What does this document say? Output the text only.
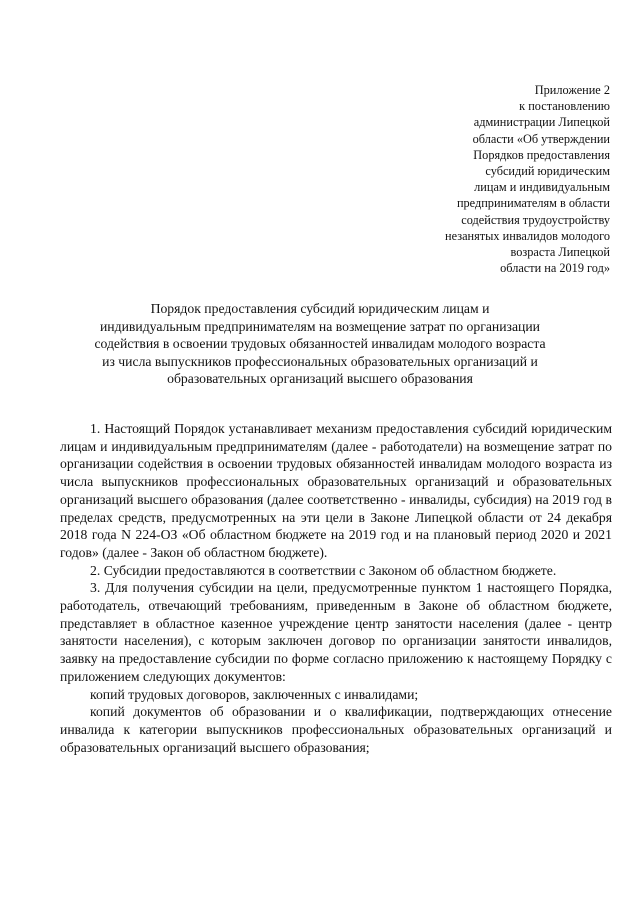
Приложение 2
к постановлению
администрации Липецкой
области «Об утверждении
Порядков предоставления
субсидий юридическим
лицам и индивидуальным
предпринимателям в области
содействия трудоустройству
незанятых инвалидов молодого
возраста Липецкой
области на 2019 год»
Порядок предоставления субсидий юридическим лицам и
индивидуальным предпринимателям на возмещение затрат по организации
содействия в освоении трудовых обязанностей инвалидам молодого возраста
из числа выпускников профессиональных образовательных организаций и
образовательных организаций высшего образования

1. Настоящий Порядок устанавливает механизм предоставления субсидий юридическим лицам и индивидуальным предпринимателям (далее - работодатели) на возмещение затрат по организации содействия в освоении трудовых обязанностей инвалидам молодого возраста из числа выпускников профессиональных образовательных организаций и образовательных организаций высшего образования (далее соответственно - инвалиды, субсидия) на 2019 год в пределах средств, предусмотренных на эти цели в Законе Липецкой области от 24 декабря 2018 года N 224-ОЗ «Об областном бюджете на 2019 год и на плановый период 2020 и 2021 годов» (далее - Закон об областном бюджете).

2. Субсидии предоставляются в соответствии с Законом об областном бюджете.

3. Для получения субсидии на цели, предусмотренные пунктом 1 настоящего Порядка, работодатель, отвечающий требованиям, приведенным в Законе об областном бюджете, представляет в областное казенное учреждение центр занятости населения (далее - центр занятости населения), с которым заключен договор по организации занятости инвалидов, заявку на предоставление субсидии по форме согласно приложению к настоящему Порядку с приложением следующих документов:

копий трудовых договоров, заключенных с инвалидами;

копий документов об образовании и о квалификации, подтверждающих отнесение инвалида к категории выпускников профессиональных образовательных организаций и образовательных организаций высшего образования;
